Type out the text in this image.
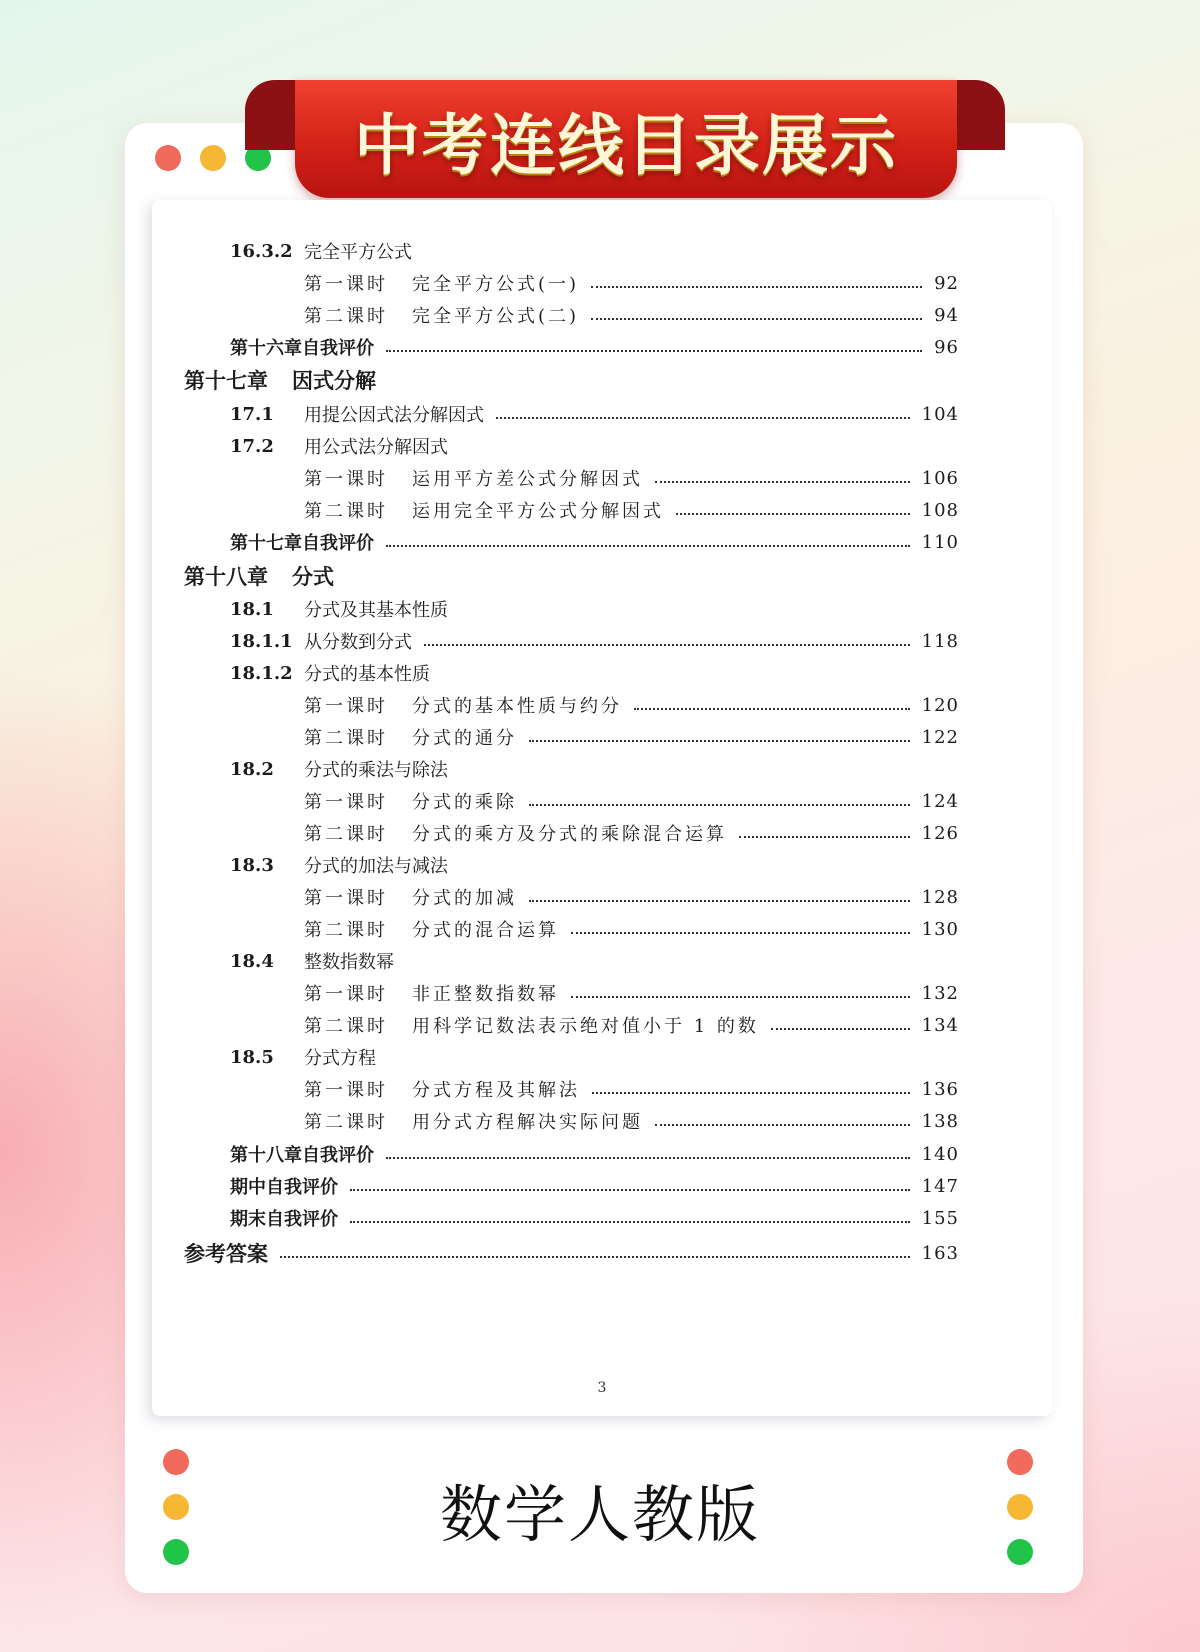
中考连线目录展示
16.3.2 完全平方公式
第一课时 完全平方公式(一)	92
第二课时 完全平方公式(二)	94
第十六章自我评价	96
第十七章 因式分解
17.1	用提公因式法分解因式	104
17.2	用公式法分解因式
第一课时 运用平方差公式分解因式	106
第二课时 运用完全平方公式分解因式	108
第十七章自我评价	110
第十八章 分式
18.1	分式及其基本性质
18.1.1 从分数到分式	118
18.1.2 分式的基本性质
第一课时 分式的基本性质与约分	120
第二课时 分式的通分	122
18.2	分式的乘法与除法
第一课时 分式的乘除	124
第二课时 分式的乘方及分式的乘除混合运算	126
18.3	分式的加法与减法
第一课时 分式的加减	128
第二课时 分式的混合运算	130
18.4	整数指数幂
第一课时 非正整数指数幂	132
第二课时 用科学记数法表示绝对值小于 1 的数	134
18.5	分式方程
第一课时 分式方程及其解法	136
第二课时 用分式方程解决实际问题	138
第十八章自我评价	140
期中自我评价	147
期末自我评价	155
参考答案	163
3
数学人教版
